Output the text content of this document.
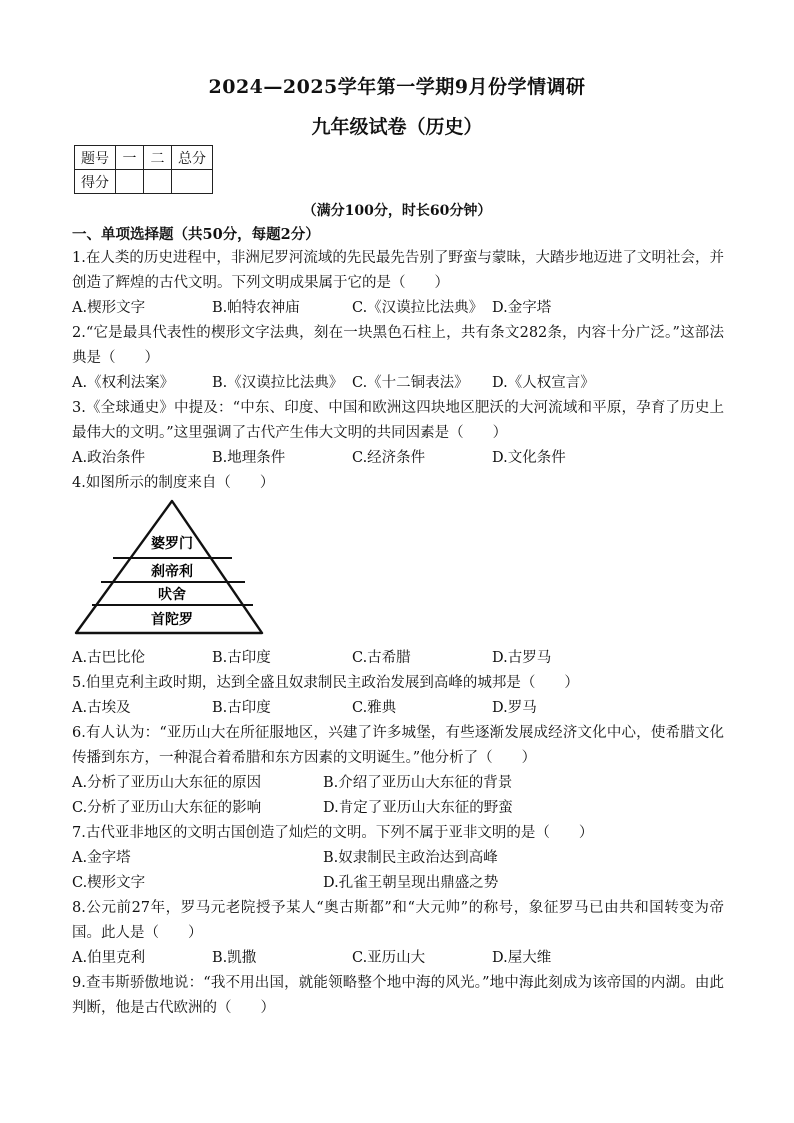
2024—2025学年第一学期9月份学情调研
九年级试卷（历史）
题号	一	二	总分
得分			
（满分100分，时长60分钟）
一、单项选择题（共50分，每题2分）
1.在人类的历史进程中，非洲尼罗河流域的先民最先告别了野蛮与蒙昧，大踏步地迈进了文明社会，并创造了辉煌的古代文明。下列文明成果属于它的是（　　）
A.楔形文字	B.帕特农神庙	C.《汉谟拉比法典》 D.金字塔
2.“它是最具代表性的楔形文字法典，刻在一块黑色石柱上，共有条文282条，内容十分广泛。”这部法典是（　　）
A.《权利法案》	B.《汉谟拉比法典》 C.《十二铜表法》	D.《人权宣言》
3.《全球通史》中提及：“中东、印度、中国和欧洲这四块地区肥沃的大河流域和平原，孕育了历史上最伟大的文明。”这里强调了古代产生伟大文明的共同因素是（　　）
A.政治条件	B.地理条件	C.经济条件	D.文化条件
4.如图所示的制度来自（　　）
婆罗门
刹帝利
吠舍
首陀罗
A.古巴比伦	B.古印度	C.古希腊	D.古罗马
5.伯里克利主政时期，达到全盛且奴隶制民主政治发展到高峰的城邦是（　　）
A.古埃及	B.古印度	C.雅典	D.罗马
6.有人认为：“亚历山大在所征服地区，兴建了许多城堡，有些逐渐发展成经济文化中心，使希腊文化传播到东方，一种混合着希腊和东方因素的文明诞生。”他分析了（　　）
A.分析了亚历山大东征的原因	B.介绍了亚历山大东征的背景
C.分析了亚历山大东征的影响	D.肯定了亚历山大东征的野蛮
7.古代亚非地区的文明古国创造了灿烂的文明。下列不属于亚非文明的是（　　）
A.金字塔	B.奴隶制民主政治达到高峰
C.楔形文字	D.孔雀王朝呈现出鼎盛之势
8.公元前27年，罗马元老院授予某人“奥古斯都”和“大元帅”的称号，象征罗马已由共和国转变为帝国。此人是（　　）
A.伯里克利	B.凯撒	C.亚历山大	D.屋大维
9.查韦斯骄傲地说：“我不用出国，就能领略整个地中海的风光。”地中海此刻成为该帝国的内湖。由此判断，他是古代欧洲的（　　）
